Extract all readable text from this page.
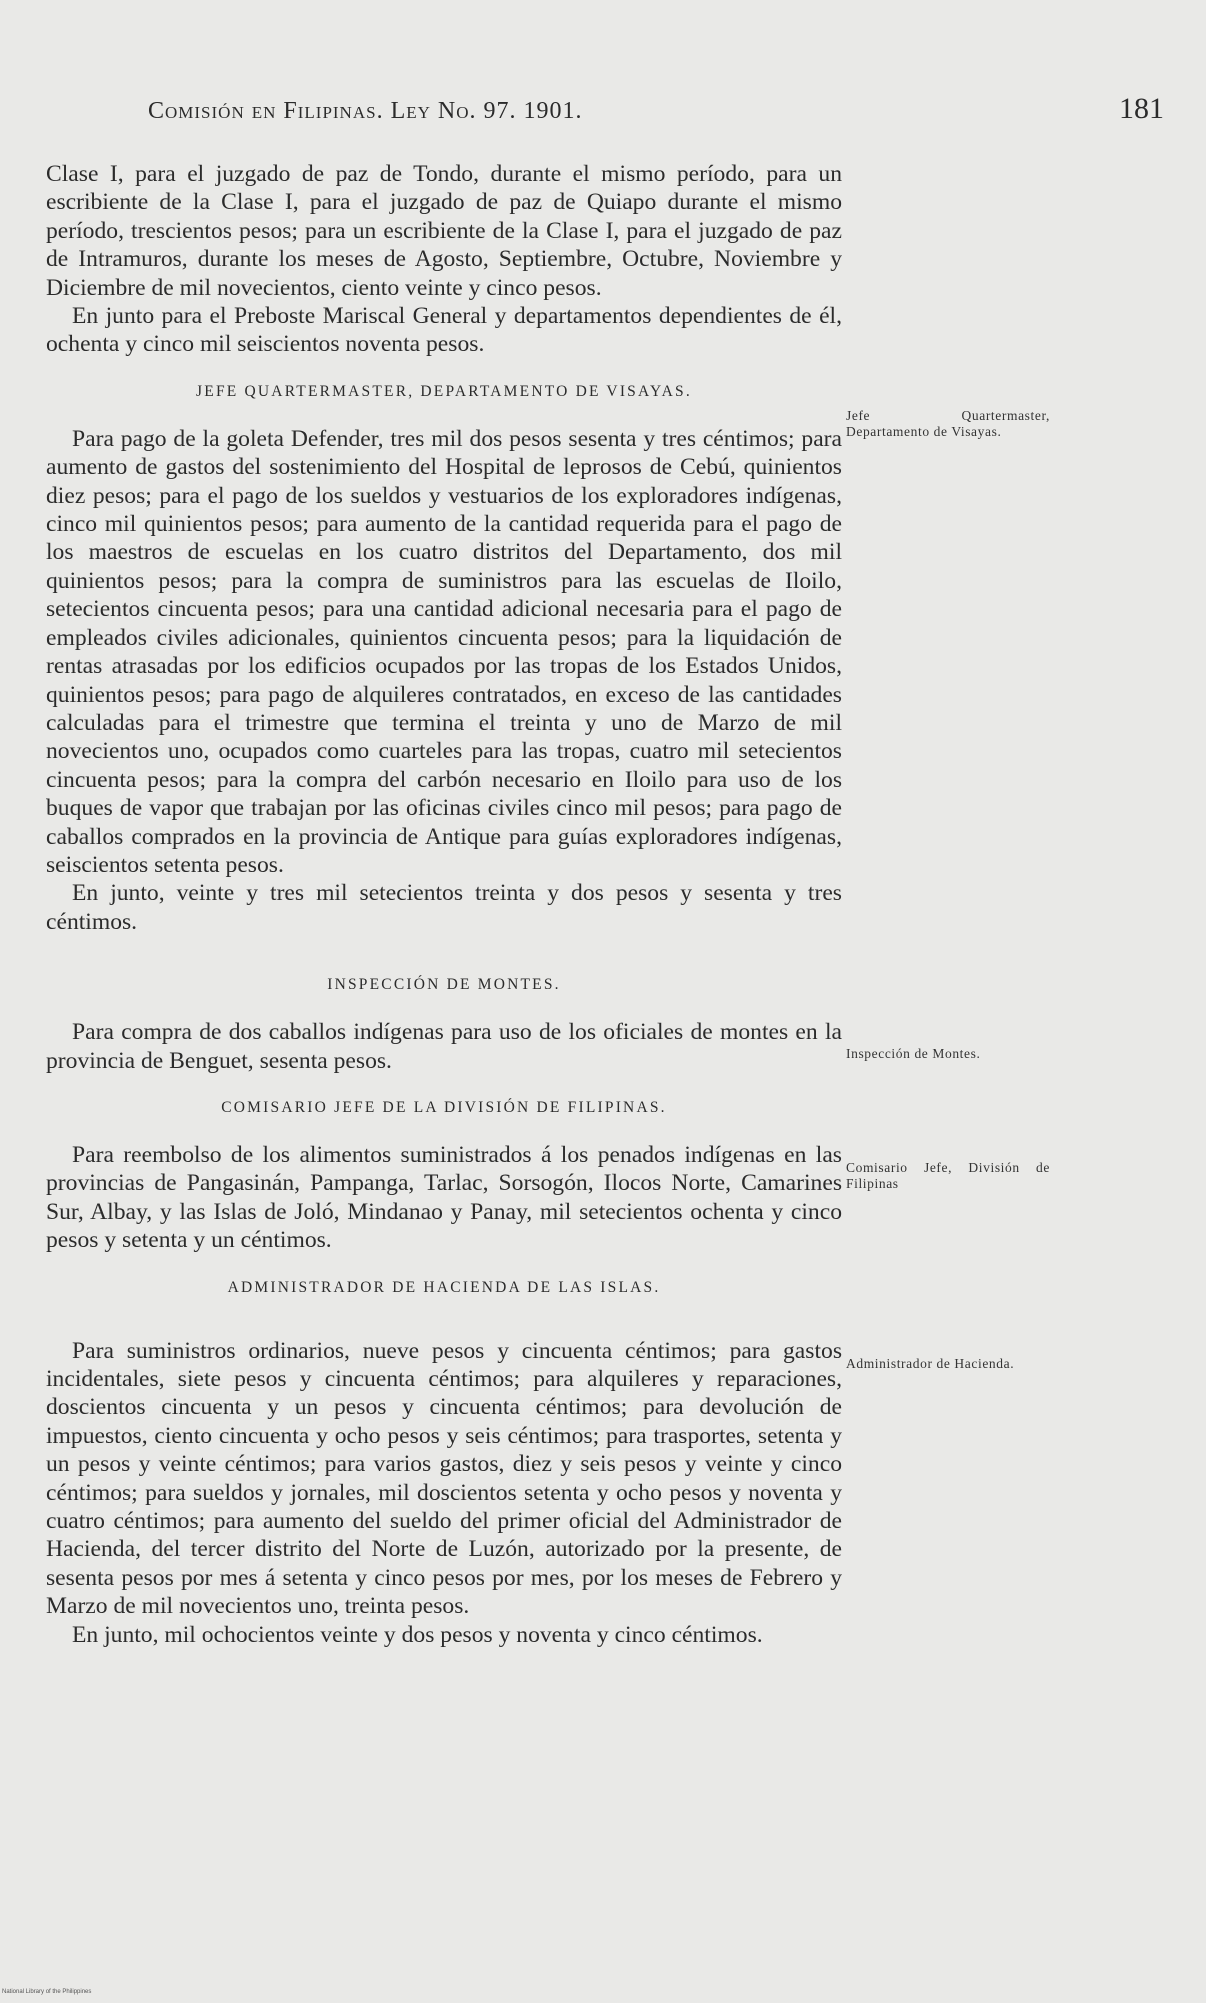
Comisión en Filipinas. Ley No. 97. 1901.	181

Clase I, para el juzgado de paz de Tondo, durante el mismo período, para un escribiente de la Clase I, para el juzgado de paz de Quiapo durante el mismo período, trescientos pesos; para un escribiente de la Clase I, para el juzgado de paz de Intramuros, durante los meses de Agosto, Septiembre, Octubre, Noviembre y Diciembre de mil novecientos, ciento veinte y cinco pesos.

En junto para el Preboste Mariscal General y departamentos dependientes de él, ochenta y cinco mil seiscientos noventa pesos.

JEFE QUARTERMASTER, DEPARTAMENTO DE VISAYAS.

Para pago de la goleta Defender, tres mil dos pesos sesenta y tres céntimos; para aumento de gastos del sostenimiento del Hospital de leprosos de Cebú, quinientos diez pesos; para el pago de los sueldos y vestuarios de los exploradores indígenas, cinco mil quinientos pesos; para aumento de la cantidad requerida para el pago de los maestros de escuelas en los cuatro distritos del Departamento, dos mil quinientos pesos; para la compra de suministros para las escuelas de Iloilo, setecientos cincuenta pesos; para una cantidad adicional necesaria para el pago de empleados civiles adicionales, quinientos cincuenta pesos; para la liquidación de rentas atrasadas por los edificios ocupados por las tropas de los Estados Unidos, quinientos pesos; para pago de alquileres contratados, en exceso de las cantidades calculadas para el trimestre que termina el treinta y uno de Marzo de mil novecientos uno, ocupados como cuarteles para las tropas, cuatro mil setecientos cincuenta pesos; para la compra del carbón necesario en Iloilo para uso de los buques de vapor que trabajan por las oficinas civiles cinco mil pesos; para pago de caballos comprados en la provincia de Antique para guías exploradores indígenas, seiscientos setenta pesos.

En junto, veinte y tres mil setecientos treinta y dos pesos y sesenta y tres céntimos.

INSPECCIÓN DE MONTES.

Para compra de dos caballos indígenas para uso de los oficiales de montes en la provincia de Benguet, sesenta pesos.

COMISARIO JEFE DE LA DIVISIÓN DE FILIPINAS.

Para reembolso de los alimentos suministrados á los penados indígenas en las provincias de Pangasinán, Pampanga, Tarlac, Sorsogón, Ilocos Norte, Camarines Sur, Albay, y las Islas de Joló, Mindanao y Panay, mil setecientos ochenta y cinco pesos y setenta y un céntimos.

ADMINISTRADOR DE HACIENDA DE LAS ISLAS.

Para suministros ordinarios, nueve pesos y cincuenta céntimos; para gastos incidentales, siete pesos y cincuenta céntimos; para alquileres y reparaciones, doscientos cincuenta y un pesos y cincuenta céntimos; para devolución de impuestos, ciento cincuenta y ocho pesos y seis céntimos; para trasportes, setenta y un pesos y veinte céntimos; para varios gastos, diez y seis pesos y veinte y cinco céntimos; para sueldos y jornales, mil doscientos setenta y ocho pesos y noventa y cuatro céntimos; para aumento del sueldo del primer oficial del Administrador de Hacienda, del tercer distrito del Norte de Luzón, autorizado por la presente, de sesenta pesos por mes á setenta y cinco pesos por mes, por los meses de Febrero y Marzo de mil novecientos uno, treinta pesos.

En junto, mil ochocientos veinte y dos pesos y noventa y cinco céntimos.

Jefe Quartermaster, Departamento de Visayas.
Inspección de Montes.
Comisario Jefe, División de Filipinas
Administrador de Hacienda.
National Library of the Philippines
